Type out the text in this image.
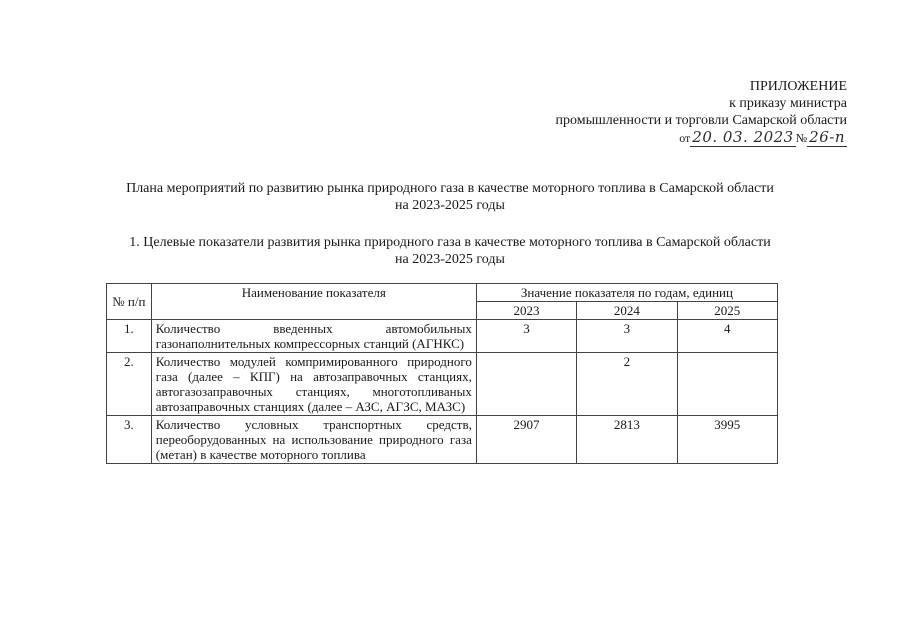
ПРИЛОЖЕНИЕ
к приказу министра
промышленности и торговли Самарской области
от 20. 03. 2023 № 26-п
Плана мероприятий по развитию рынка природного газа в качестве моторного топлива в Самарской области
на 2023-2025 годы
1. Целевые показатели развития рынка природного газа в качестве моторного топлива в Самарской области
на 2023-2025 годы
№ п/п	Наименование показателя	Значение показателя по годам, единиц		
		2023	2024	2025
1.	Количество введенных автомобильных газонаполнительных компрессорных станций (АГНКС)	3	3	4
2.	Количество модулей компримированного природного газа (далее – КПГ) на автозаправочных станциях, автогазозаправочных станциях, многотопливаных автозаправочных станциях (далее – АЗС, АГЗС, МАЗС)		2	
3.	Количество условных транспортных средств, переоборудованных на использование природного газа (метан) в качестве моторного топлива	2907	2813	3995
